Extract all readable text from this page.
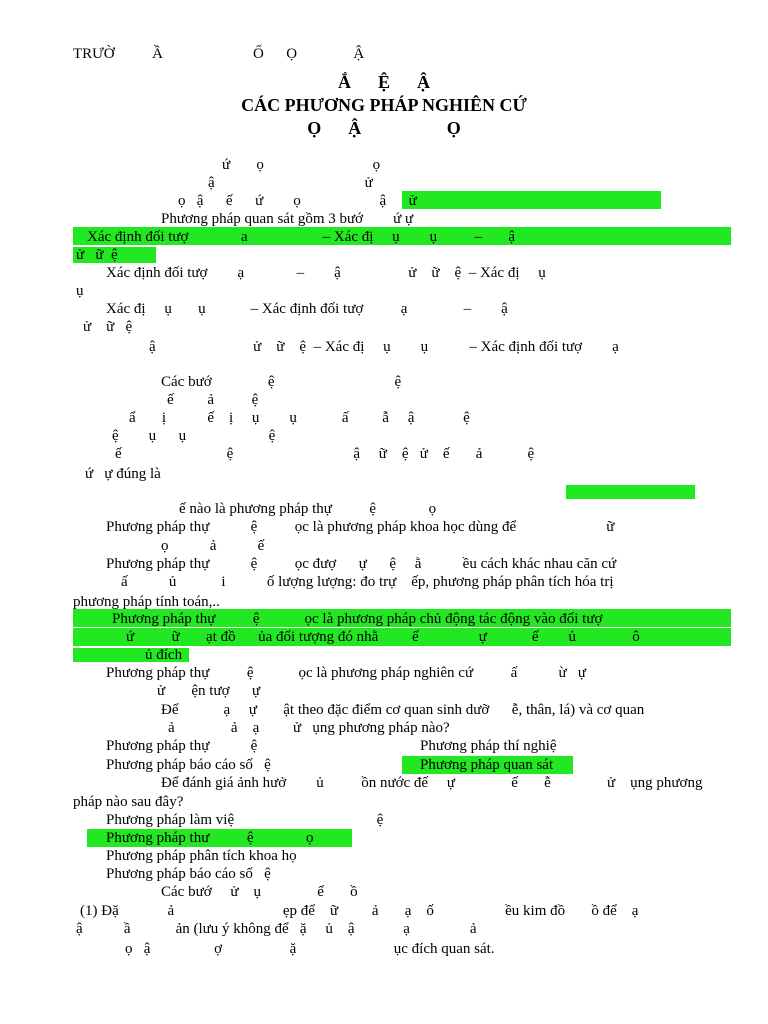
TRƯỜ          Ầ                        Ố      Ọ               Ậ
Ắ      Ệ      Ậ
CÁC PHƯƠNG PHÁP NGHIÊN CỨ
Ọ      Ậ                   Ọ
ứ       ọ                             ọ
ậ                                        ử
ọ   ậ      ế      ứ        ọ                     ậ      ử
Phương pháp quan sát gồm 3 bướ        ứ ự
Xác định đối tượ              a                    – Xác đị     ụ        ụ          –       ậ
ử   ữ  ệ
Xác định đối tượ        ạ              –        ậ                  ử    ữ    ệ  – Xác đị     ụ
ụ
Xác đị     ụ       ụ            – Xác định đối tượ          ạ               –        ậ
ử    ữ   ệ
ậ                          ử    ữ    ệ  – Xác đị     ụ        ụ           – Xác định đối tượ        ạ
Các bướ               ệ                                ệ
ế         ả          ệ
ẩ       ị           ế    ị     ụ        ụ            ấ         ẫ     ậ             ệ
ệ        ụ      ụ                      ệ
ế                            ệ                                ậ     ữ    ệ   ử    ế       ả            ệ
ứ   ự đúng là
ế nào là phương pháp thự          ệ              ọ
Phương pháp thự           ệ          ọc là phương pháp khoa học dùng để                        ữ
ọ           ả           ế
Phương pháp thự           ệ          ọc đượ      ự      ệ     ằ           ều cách khác nhau căn cứ
ấ           ủ            i           ố lượng lượng: đo trự    ếp, phương pháp phân tích hóa trị
phương pháp tính toán,..
Phương pháp thự          ệ            ọc là phương pháp chủ động tác động vào đối tượ
ứ          ữ       ạt đồ      ủa đối tượng đó nhằ         ế                ự            ế        ủ               ô
ủ đích
Phương pháp thự          ệ            ọc là phương pháp nghiên cứ          ấ           ừ   ự
ử       ện tượ      ự
Để            ạ     ự       ật theo đặc điểm cơ quan sinh dưỡ      ễ, thân, lá) và cơ quan
ả               ả    ạ         ử   ụng phương pháp nào?
Phương pháp thự           ệ	Phương pháp thí nghiệ
Phương pháp báo cáo số   ệ	Phương pháp quan sát
Để đánh giá ảnh hưở        ủ          ồn nước đế     ự               ế       ễ               ử    ụng phương
pháp nào sau đây?
Phương pháp làm việ                                      ệ
Phương pháp thư          ệ              ọ
Phương pháp phân tích khoa họ
Phương pháp báo cáo số   ệ
Các bướ     ử    ụ               ể       ồ
(1) Đặ             ả                             ẹp để    ữ         ả       ạ    ố                   ều kim đồ       ồ để    ạ
ậ           ầ            ản (lưu ý không để   ặ     ủ    ậ             ạ                ả
ọ   ậ                 ợ                  ặ                          ục đích quan sát.
